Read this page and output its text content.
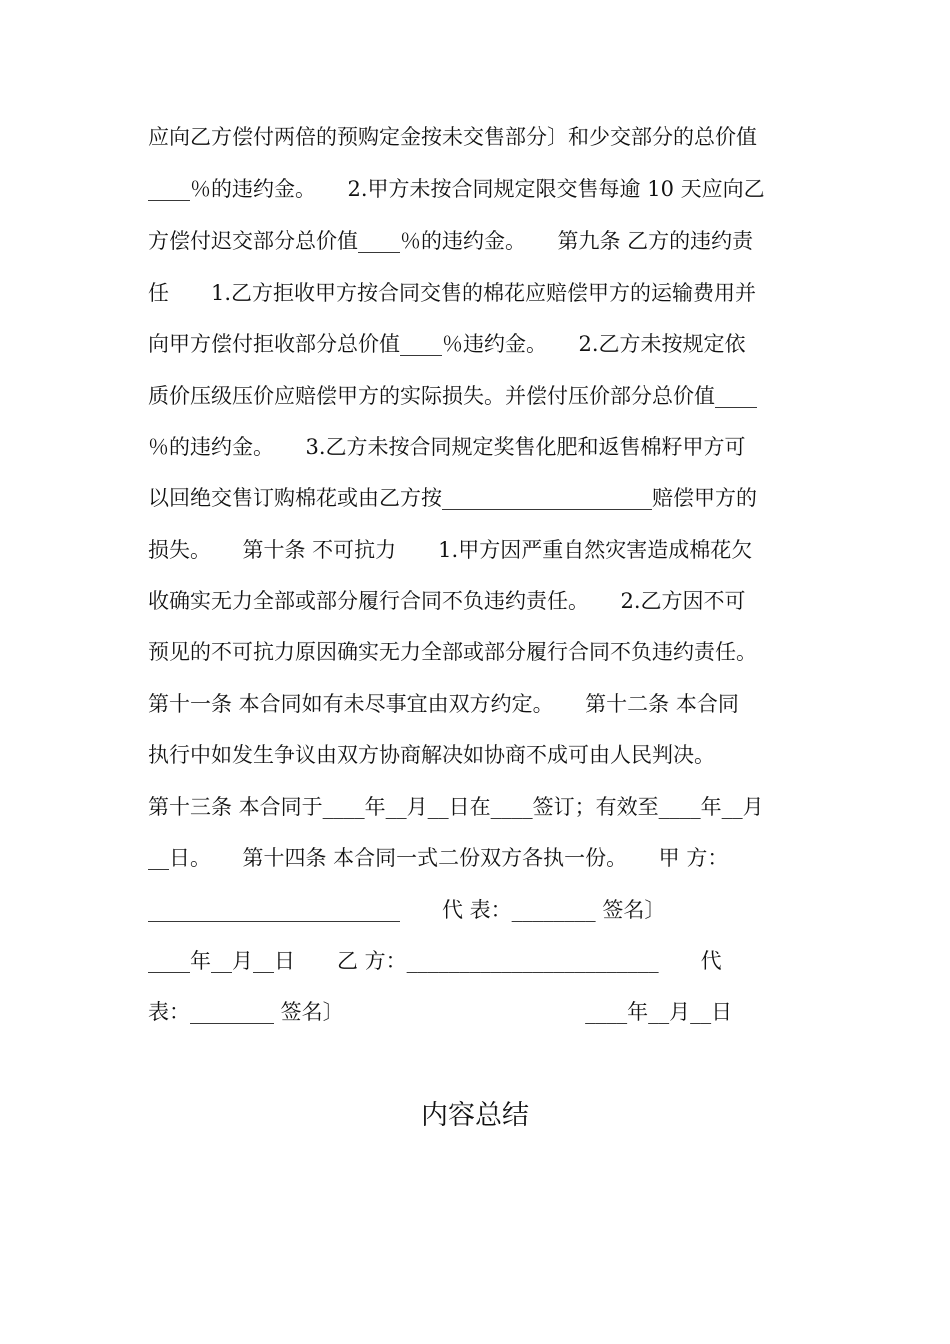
应向乙方偿付两倍的预购定金按未交售部分〕和少交部分的总价值
____％的违约金。　　2.甲方未按合同规定限交售每逾 10 天应向乙
方偿付迟交部分总价值____％的违约金。　　第九条 乙方的违约责
任　　1.乙方拒收甲方按合同交售的棉花应赔偿甲方的运输费用并
向甲方偿付拒收部分总价值____％违约金。　　2.乙方未按规定依
质价压级压价应赔偿甲方的实际损失。并偿付压价部分总价值____
％的违约金。　　3.乙方未按合同规定奖售化肥和返售棉籽甲方可
以回绝交售订购棉花或由乙方按____________________赔偿甲方的
损失。　　第十条 不可抗力　　1.甲方因严重自然灾害造成棉花欠
收确实无力全部或部分履行合同不负违约责任。　　2.乙方因不可
预见的不可抗力原因确实无力全部或部分履行合同不负违约责任。
第十一条 本合同如有未尽事宜由双方约定。　　第十二条 本合同
执行中如发生争议由双方协商解决如协商不成可由人民判决。
第十三条 本合同于____年__月__日在____签订；有效至____年__月
__日。　　第十四条 本合同一式二份双方各执一份。　　甲 方：
________________________　　代 表：________ 签名〕
____年__月__日　　乙 方：________________________　　代
表：________ 签名〕　　　　　　　　　　　　____年__月__日
内容总结
